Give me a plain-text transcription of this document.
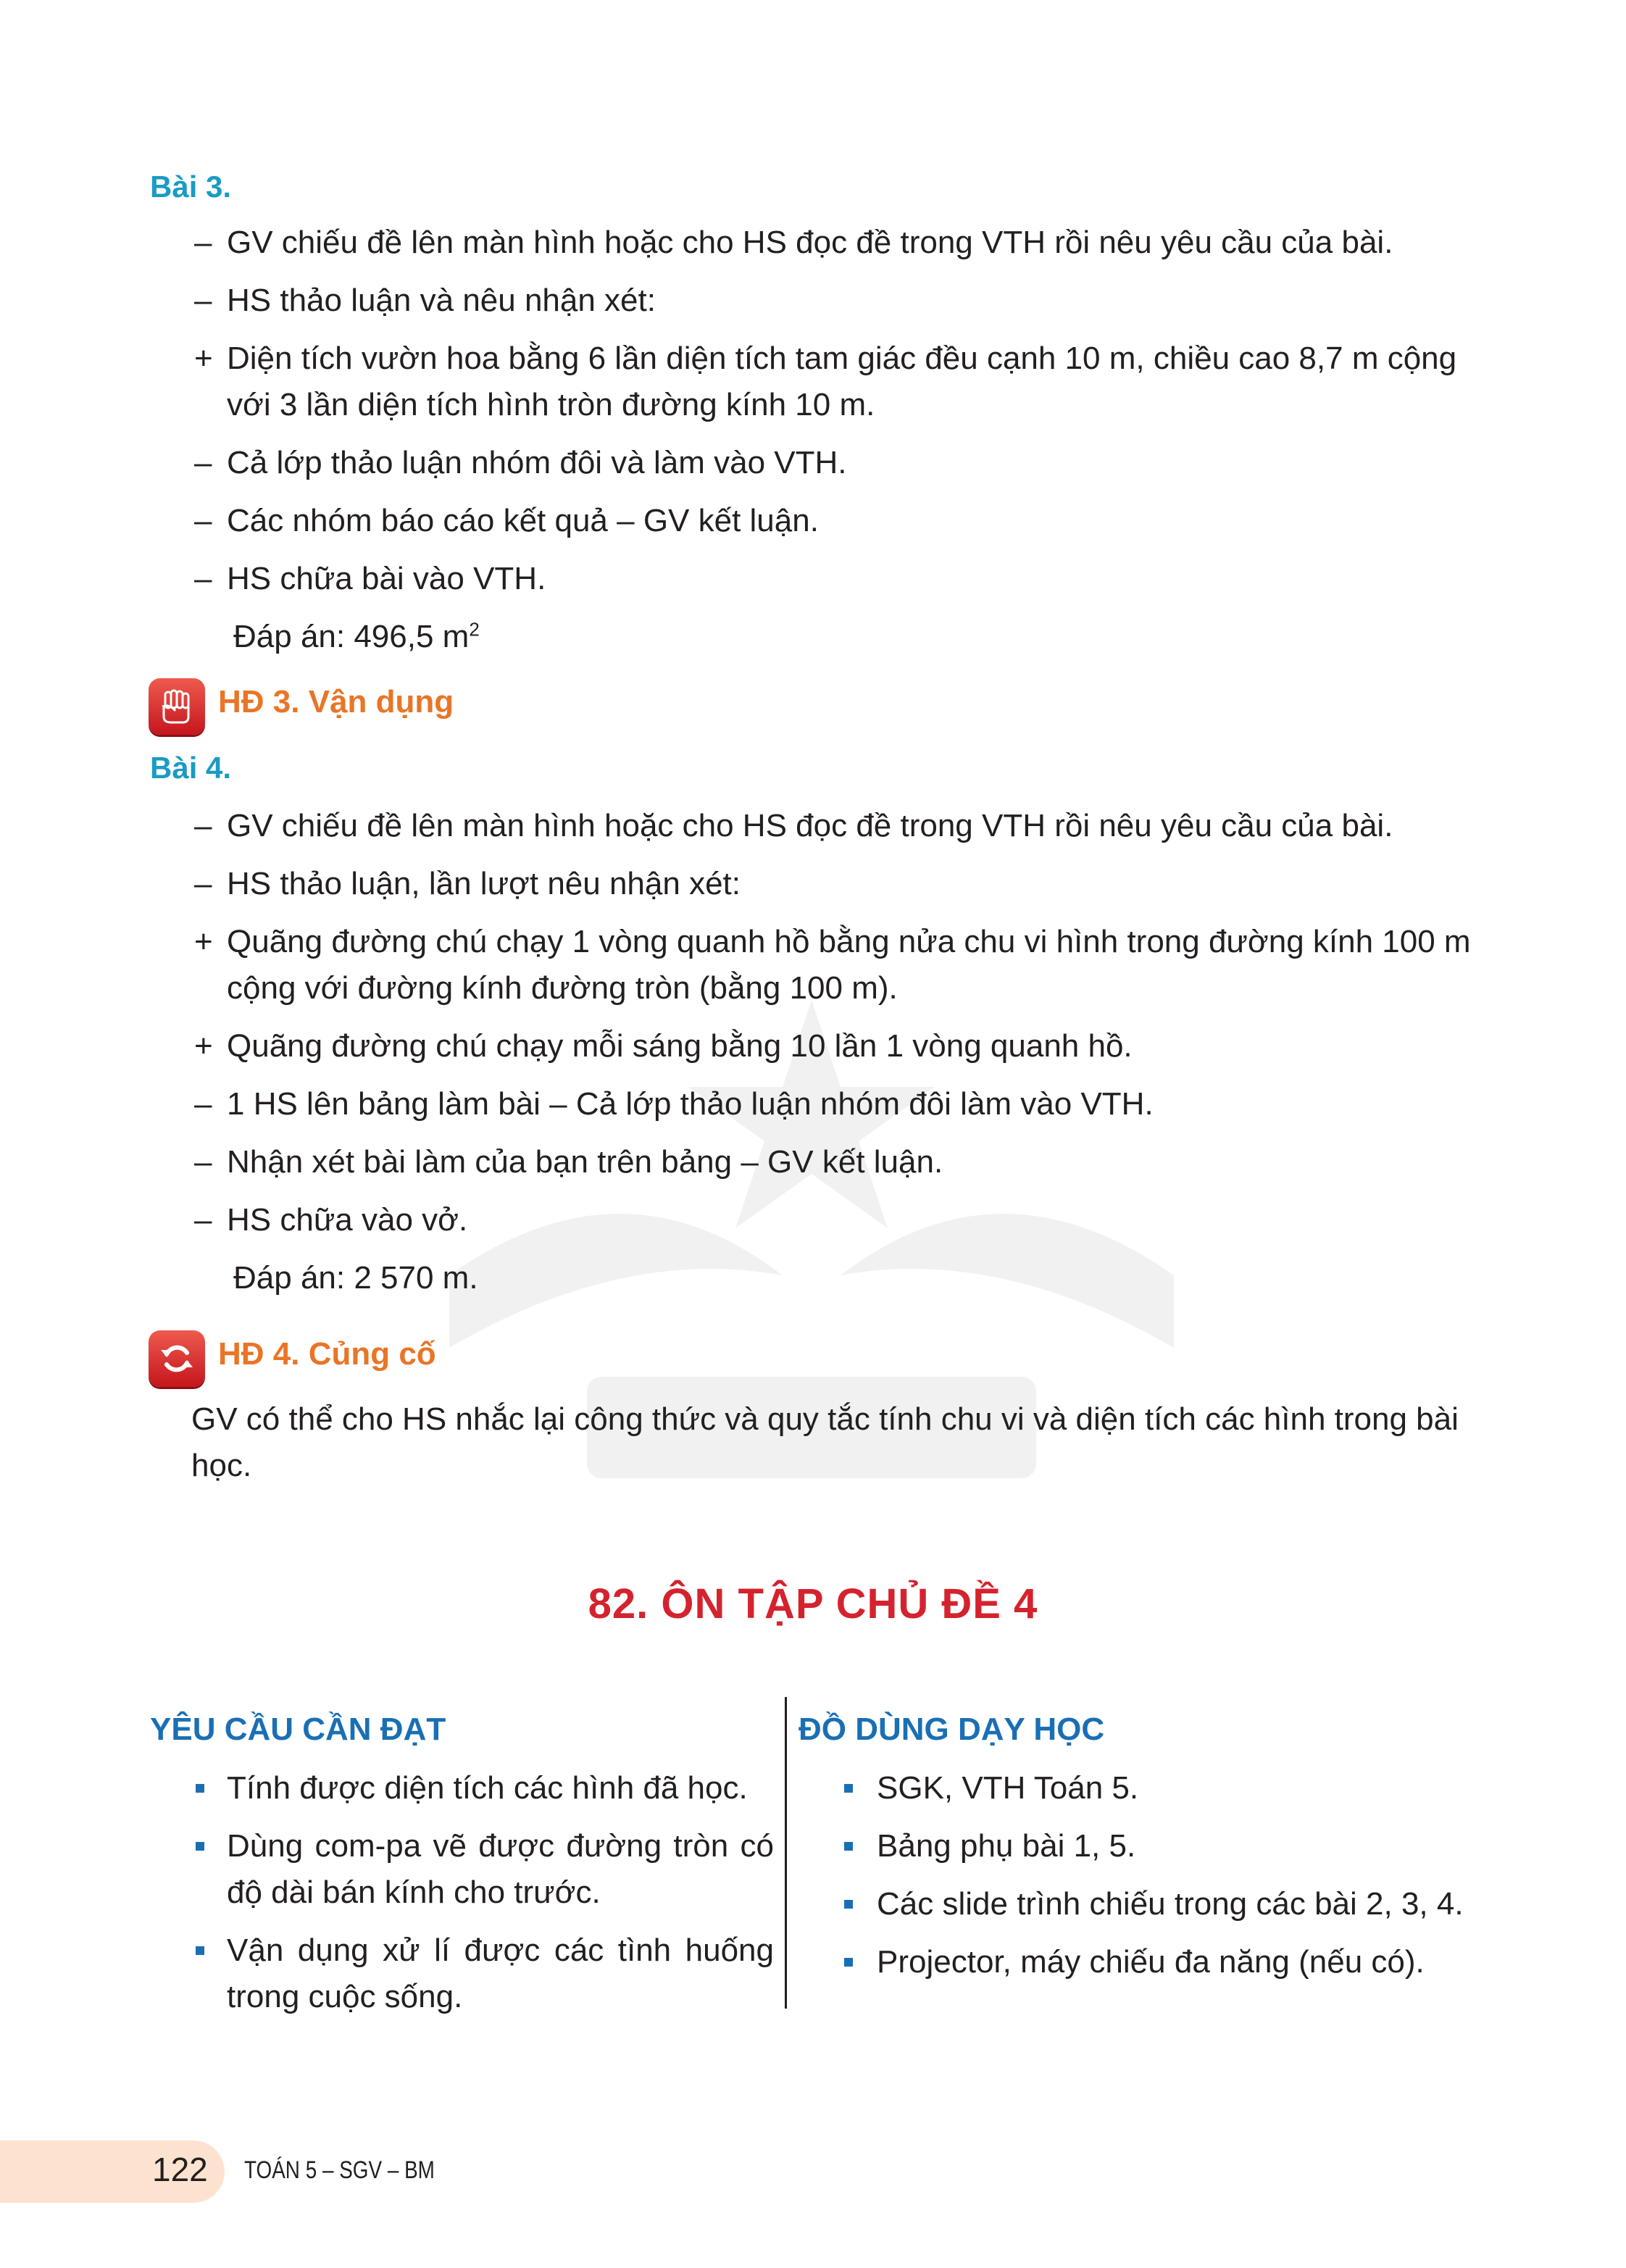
Bài 3.
– GV chiếu đề lên màn hình hoặc cho HS đọc đề trong VTH rồi nêu yêu cầu của bài.
– HS thảo luận và nêu nhận xét:
+ Diện tích vườn hoa bằng 6 lần diện tích tam giác đều cạnh 10 m, chiều cao 8,7 m cộng với 3 lần diện tích hình tròn đường kính 10 m.
– Cả lớp thảo luận nhóm đôi và làm vào VTH.
– Các nhóm báo cáo kết quả – GV kết luận.
– HS chữa bài vào VTH.
Đáp án: 496,5 $m^2$
HĐ 3. Vận dụng
Bài 4.
– GV chiếu đề lên màn hình hoặc cho HS đọc đề trong VTH rồi nêu yêu cầu của bài.
– HS thảo luận, lần lượt nêu nhận xét:
+ Quãng đường chú chạy 1 vòng quanh hồ bằng nửa chu vi hình trong đường kính 100 m cộng với đường kính đường tròn (bằng 100 m).
+ Quãng đường chú chạy mỗi sáng bằng 10 lần 1 vòng quanh hồ.
– 1 HS lên bảng làm bài – Cả lớp thảo luận nhóm đôi làm vào VTH.
– Nhận xét bài làm của bạn trên bảng – GV kết luận.
– HS chữa vào vở.
Đáp án: 2 570 m.
HĐ 4. Củng cố
GV có thể cho HS nhắc lại công thức và quy tắc tính chu vi và diện tích các hình trong bài học.
82. ÔN TẬP CHỦ ĐỀ 4
YÊU CẦU CẦN ĐẠT
Tính được diện tích các hình đã học.
Dùng com-pa vẽ được đường tròn có độ dài bán kính cho trước.
Vận dụng xử lí được các tình huống trong cuộc sống.
ĐỒ DÙNG DẠY HỌC
SGK, VTH Toán 5.
Bảng phụ bài 1, 5.
Các slide trình chiếu trong các bài 2, 3, 4.
Projector, máy chiếu đa năng (nếu có).
122 TOÁN 5 – SGV – BM
